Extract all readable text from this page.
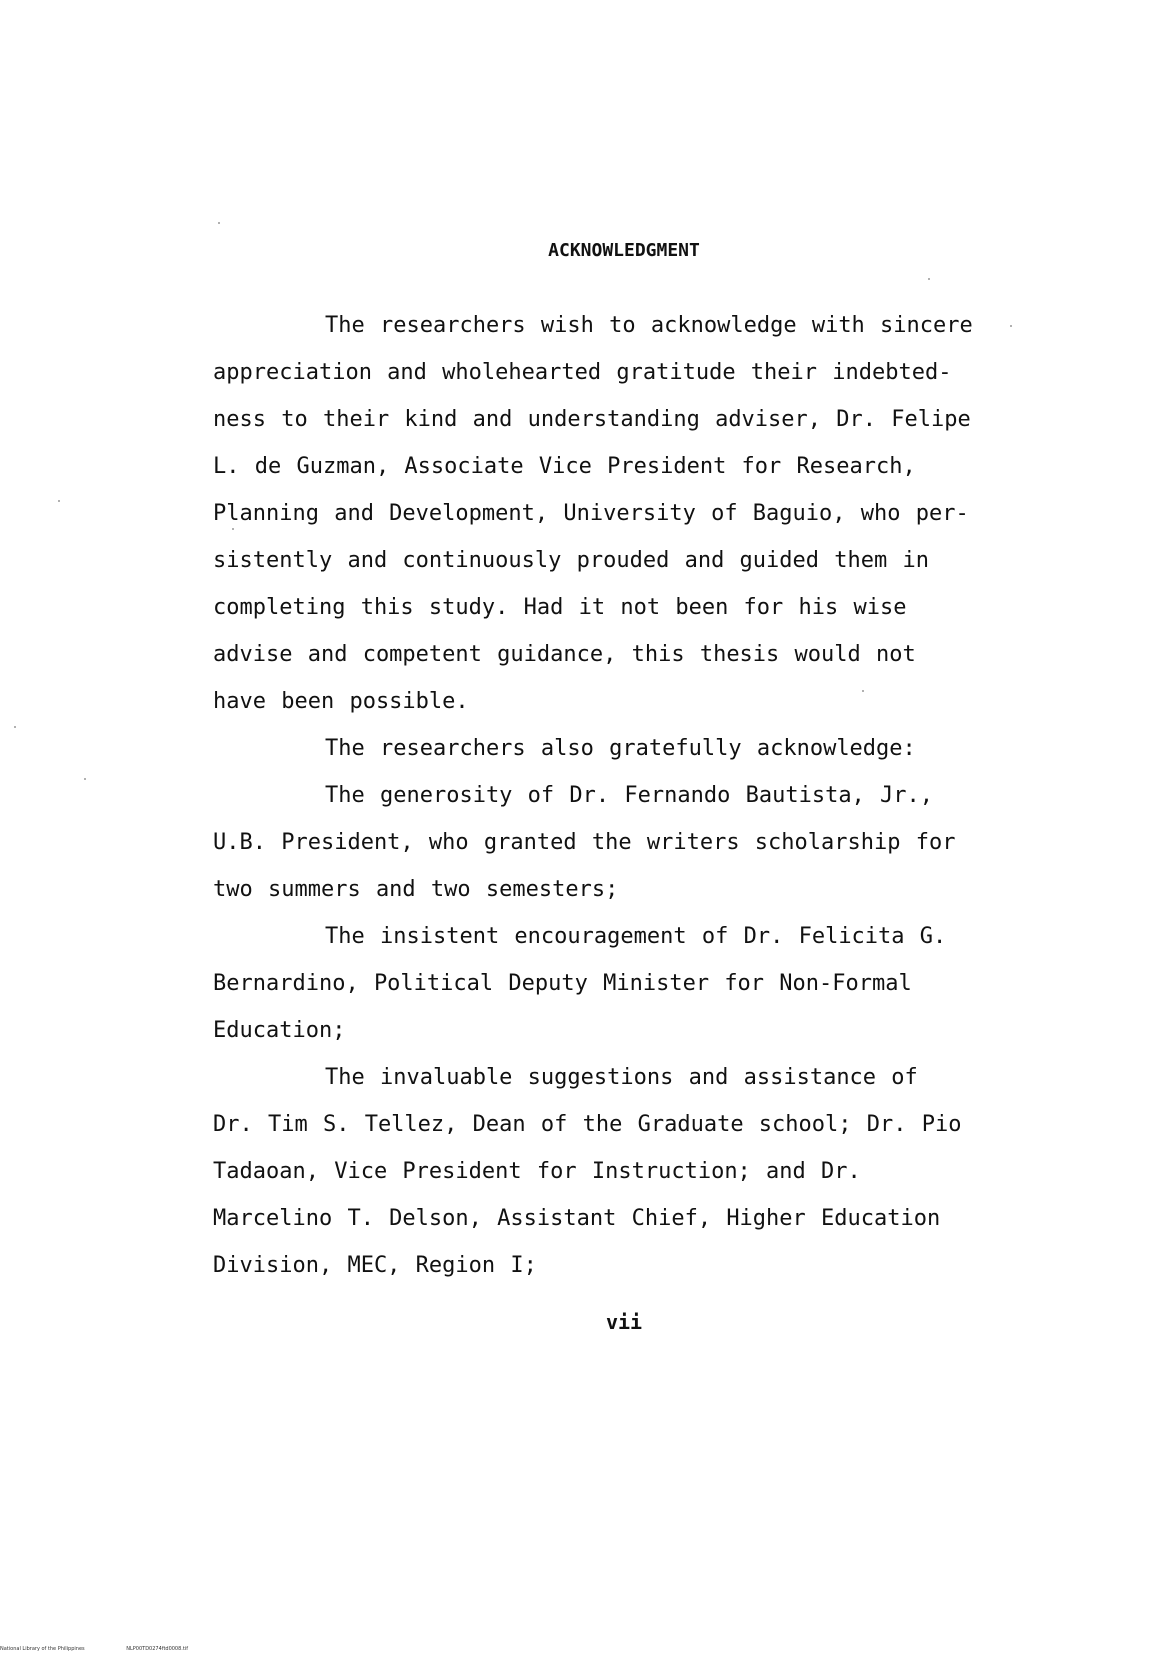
ACKNOWLEDGMENT
The researchers wish to acknowledge with sincere
appreciation and wholehearted gratitude their indebted-
ness to their kind and understanding adviser, Dr. Felipe
L. de Guzman, Associate Vice President for Research,
Planning and Development, University of Baguio, who per-
sistently and continuously prouded and guided them in
completing this study. Had it not been for his wise
advise and competent guidance, this thesis would not
have been possible.
The researchers also gratefully acknowledge:
The generosity of Dr. Fernando Bautista, Jr.,
U.B. President, who granted the writers scholarship for
two summers and two semesters;
The insistent encouragement of Dr. Felicita G.
Bernardino, Political Deputy Minister for Non-Formal
Education;
The invaluable suggestions and assistance of
Dr. Tim S. Tellez, Dean of the Graduate school; Dr. Pio
Tadaoan, Vice President for Instruction; and Dr.
Marcelino T. Delson, Assistant Chief, Higher Education
Division, MEC, Region I;
vii
National Library of the Philippines	NLP00TD0274ftd0008.tif
